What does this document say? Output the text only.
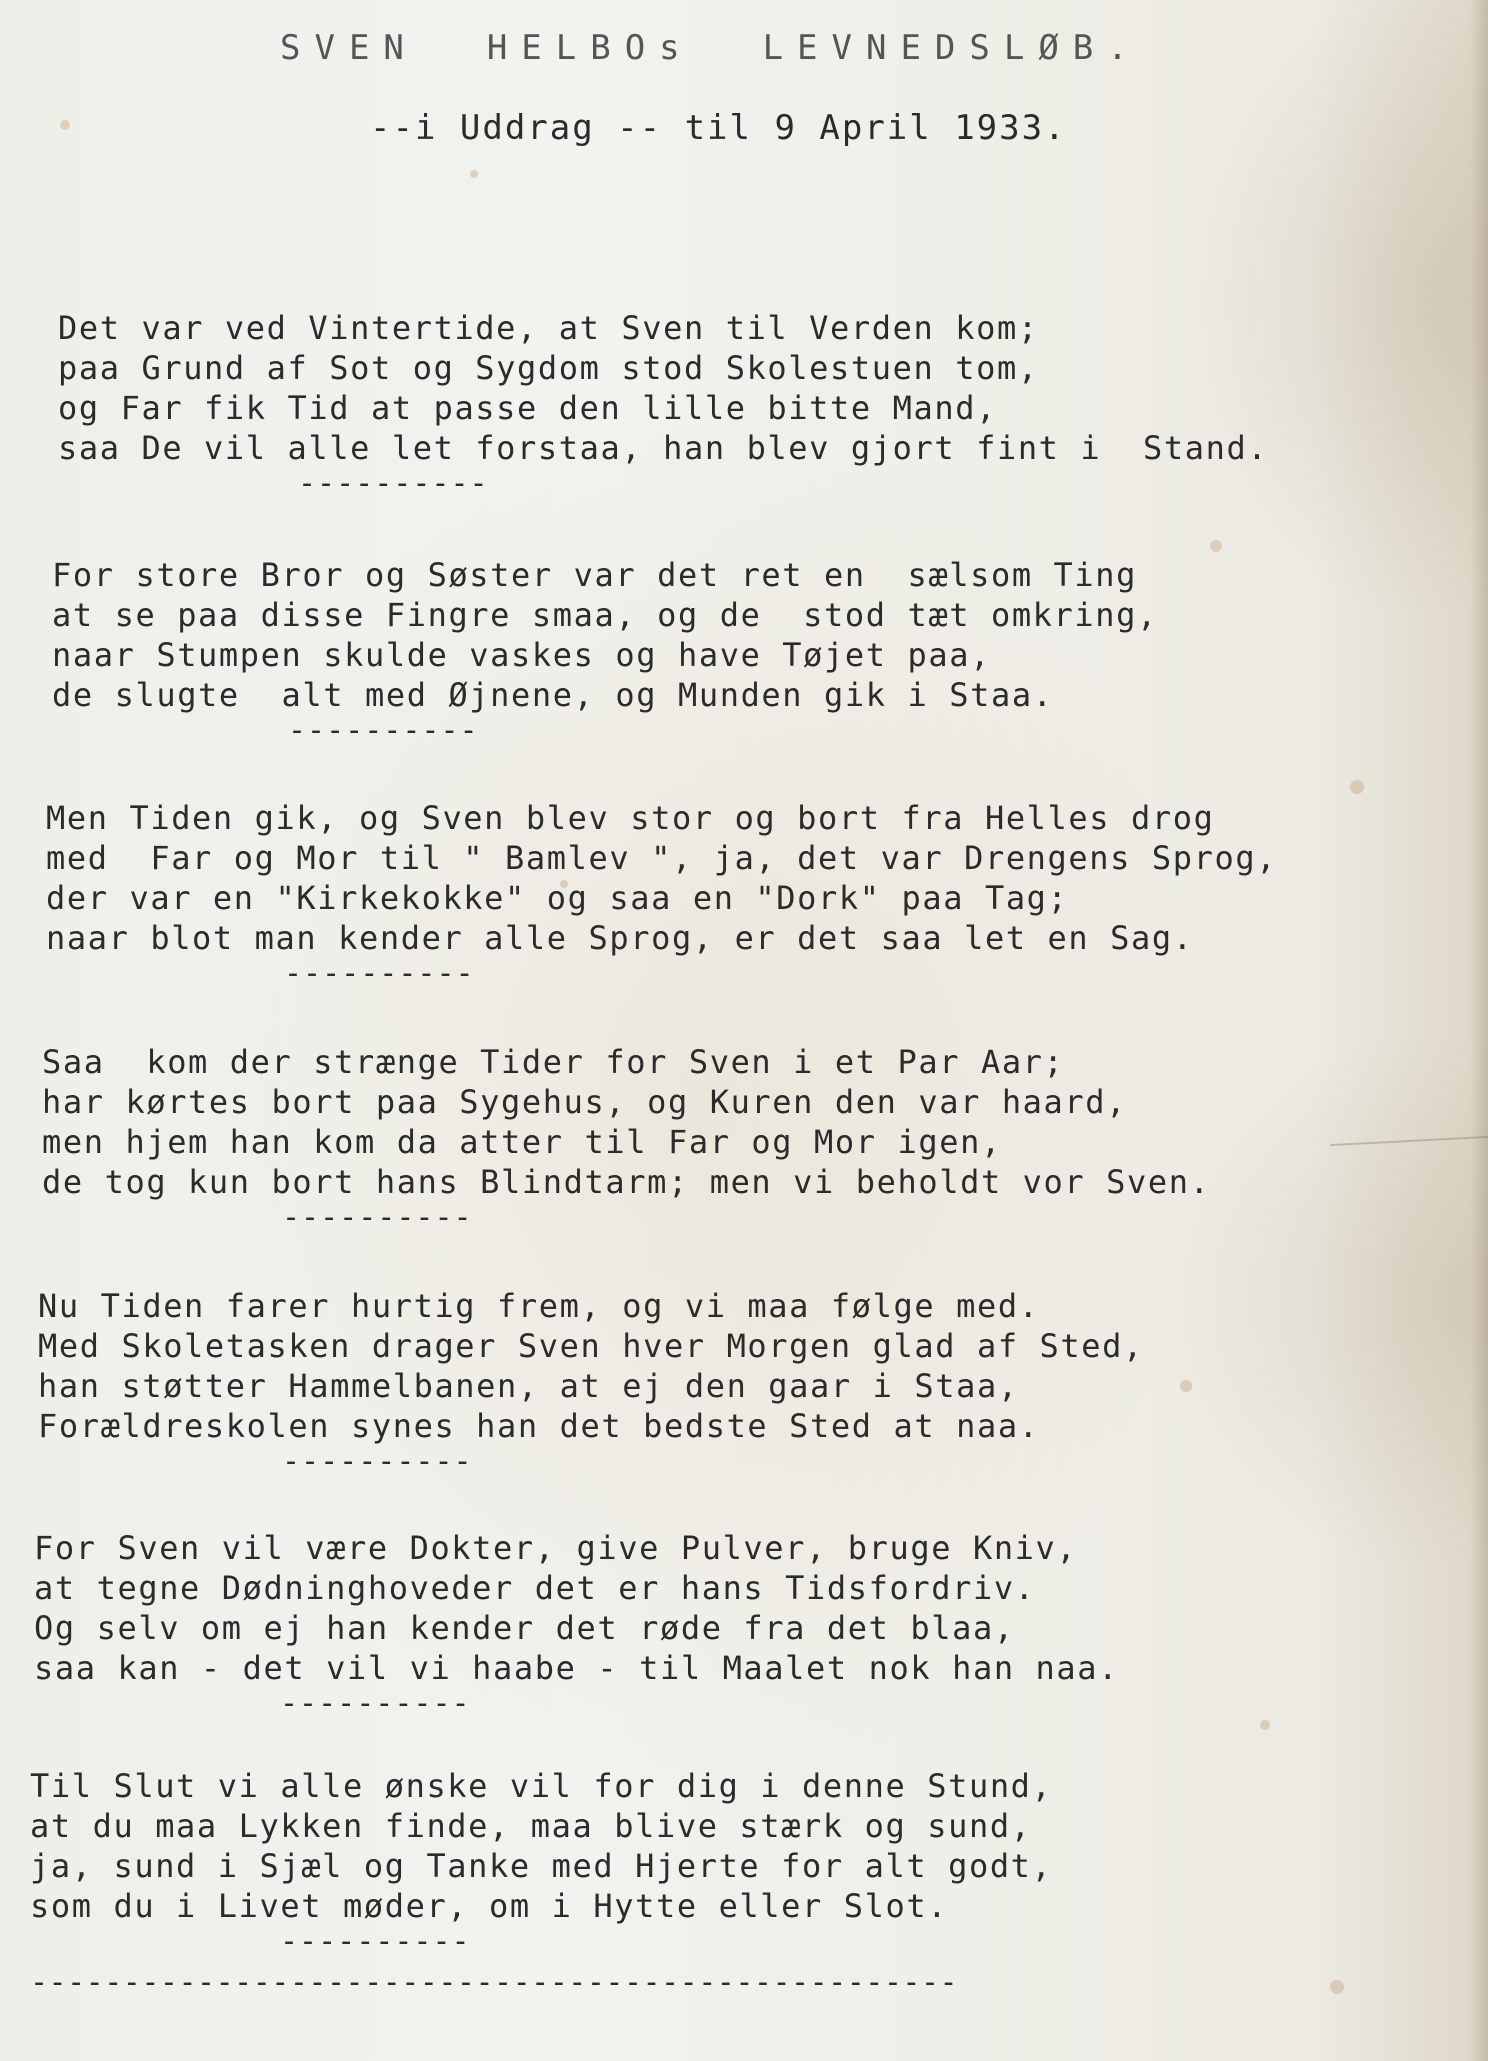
SVEN  HELBOs  LEVNEDSLØB.
--i Uddrag -- til 9 April 1933.
Det var ved Vintertide, at Sven til Verden kom;
paa Grund af Sot og Sygdom stod Skolestuen tom,
og Far fik Tid at passe den lille bitte Mand,
saa De vil alle let forstaa, han blev gjort fint i  Stand.
----------
For store Bror og Søster var det ret en  sælsom Ting
at se paa disse Fingre smaa, og de  stod tæt omkring,
naar Stumpen skulde vaskes og have Tøjet paa,
de slugte  alt med Øjnene, og Munden gik i Staa.
----------
Men Tiden gik, og Sven blev stor og bort fra Helles drog
med  Far og Mor til " Bamlev ", ja, det var Drengens Sprog,
der var en "Kirkekokke" og saa en "Dork" paa Tag;
naar blot man kender alle Sprog, er det saa let en Sag.
----------
Saa  kom der strænge Tider for Sven i et Par Aar;
har kørtes bort paa Sygehus, og Kuren den var haard,
men hjem han kom da atter til Far og Mor igen,
de tog kun bort hans Blindtarm; men vi beholdt vor Sven.
----------
Nu Tiden farer hurtig frem, og vi maa følge med.
Med Skoletasken drager Sven hver Morgen glad af Sted,
han støtter Hammelbanen, at ej den gaar i Staa,
Forældreskolen synes han det bedste Sted at naa.
----------
For Sven vil være Dokter, give Pulver, bruge Kniv,
at tegne Dødninghoveder det er hans Tidsfordriv.
Og selv om ej han kender det røde fra det blaa,
saa kan - det vil vi haabe - til Maalet nok han naa.
----------
Til Slut vi alle ønske vil for dig i denne Stund,
at du maa Lykken finde, maa blive stærk og sund,
ja, sund i Sjæl og Tanke med Hjerte for alt godt,
som du i Livet møder, om i Hytte eller Slot.
----------
--------------------------------------------------
